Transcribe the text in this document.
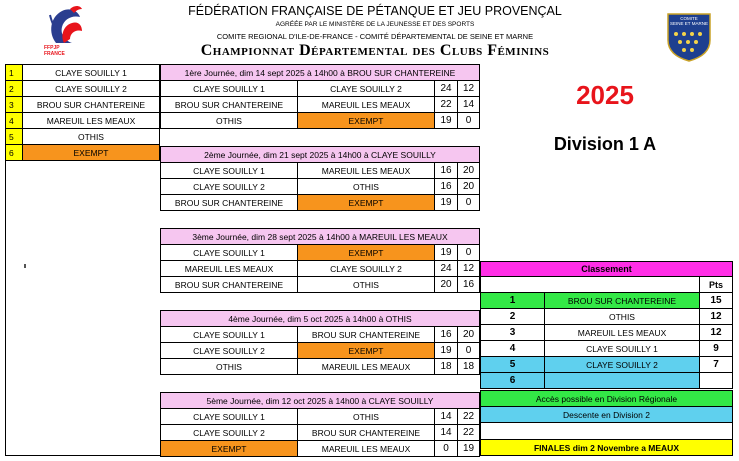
FÉDÉRATION FRANÇAISE DE PÉTANQUE ET JEU PROVENÇAL
AGRÉÉE PAR LE MINISTÈRE DE LA JEUNESSE ET DES SPORTS
COMITE REGIONAL D'ILE-DE-FRANCE - COMITÉ DÉPARTEMENTAL DE SEINE ET MARNE
Championnat Départemental des Clubs Féminins
FFPJP
FRANCE
COMITE
SEINE ET MARNE
2025
Division 1 A
1	CLAYE SOUILLY 1
2	CLAYE SOUILLY 2
3	BROU SUR CHANTEREINE
4	MAREUIL LES MEAUX
5	OTHIS
6	EXEMPT
1ère Journée, dim 14 sept 2025 à 14h00 à BROU SUR CHANTEREINE
CLAYE SOUILLY 1	CLAYE SOUILLY 2	24	12
BROU SUR CHANTEREINE	MAREUIL LES MEAUX	22	14
OTHIS	EXEMPT	19	0
2ème Journée, dim 21 sept 2025 à 14h00 à CLAYE SOUILLY
CLAYE SOUILLY 1	MAREUIL LES MEAUX	16	20
CLAYE SOUILLY 2	OTHIS	16	20
BROU SUR CHANTEREINE	EXEMPT	19	0
3ème Journée, dim 28 sept 2025 à 14h00 à MAREUIL LES MEAUX
CLAYE SOUILLY 1	EXEMPT	19	0
MAREUIL LES MEAUX	CLAYE SOUILLY 2	24	12
BROU SUR CHANTEREINE	OTHIS	20	16
4ème Journée, dim 5 oct 2025 à 14h00 à OTHIS
CLAYE SOUILLY 1	BROU SUR CHANTEREINE	16	20
CLAYE SOUILLY 2	EXEMPT	19	0
OTHIS	MAREUIL LES MEAUX	18	18
5ème Journée, dim 12 oct 2025 à 14h00 à CLAYE SOUILLY
CLAYE SOUILLY 1	OTHIS	14	22
CLAYE SOUILLY 2	BROU SUR CHANTEREINE	14	22
EXEMPT	MAREUIL LES MEAUX	0	19
Classement
Pts
1	BROU SUR CHANTEREINE	15
2	OTHIS	12
3	MAREUIL LES MEAUX	12
4	CLAYE SOUILLY 1	9
5	CLAYE SOUILLY 2	7
6
Accès possible en Division Régionale
Descente en Division 2
FINALES dim 2 Novembre a MEAUX
